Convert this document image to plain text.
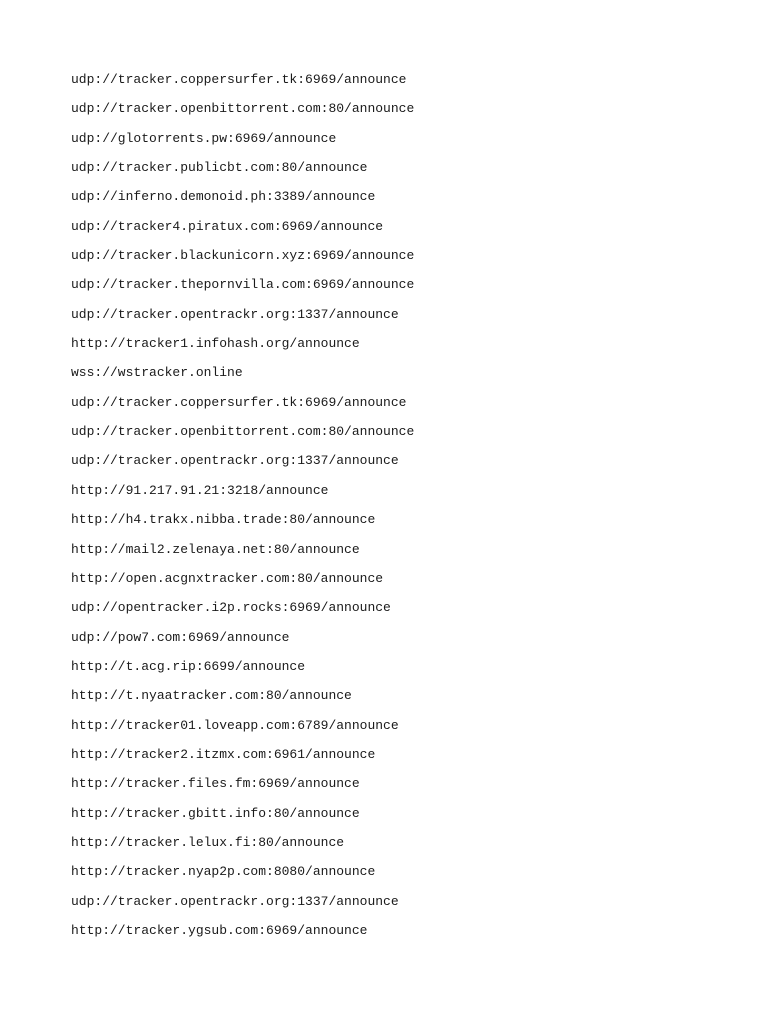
udp://tracker.coppersurfer.tk:6969/announce
udp://tracker.openbittorrent.com:80/announce
udp://glotorrents.pw:6969/announce
udp://tracker.publicbt.com:80/announce
udp://inferno.demonoid.ph:3389/announce
udp://tracker4.piratux.com:6969/announce
udp://tracker.blackunicorn.xyz:6969/announce
udp://tracker.thepornvilla.com:6969/announce
udp://tracker.opentrackr.org:1337/announce
http://tracker1.infohash.org/announce
wss://wstracker.online
udp://tracker.coppersurfer.tk:6969/announce
udp://tracker.openbittorrent.com:80/announce
udp://tracker.opentrackr.org:1337/announce
http://91.217.91.21:3218/announce
http://h4.trakx.nibba.trade:80/announce
http://mail2.zelenaya.net:80/announce
http://open.acgnxtracker.com:80/announce
udp://opentracker.i2p.rocks:6969/announce
udp://pow7.com:6969/announce
http://t.acg.rip:6699/announce
http://t.nyaatracker.com:80/announce
http://tracker01.loveapp.com:6789/announce
http://tracker2.itzmx.com:6961/announce
http://tracker.files.fm:6969/announce
http://tracker.gbitt.info:80/announce
http://tracker.lelux.fi:80/announce
http://tracker.nyap2p.com:8080/announce
udp://tracker.opentrackr.org:1337/announce
http://tracker.ygsub.com:6969/announce
